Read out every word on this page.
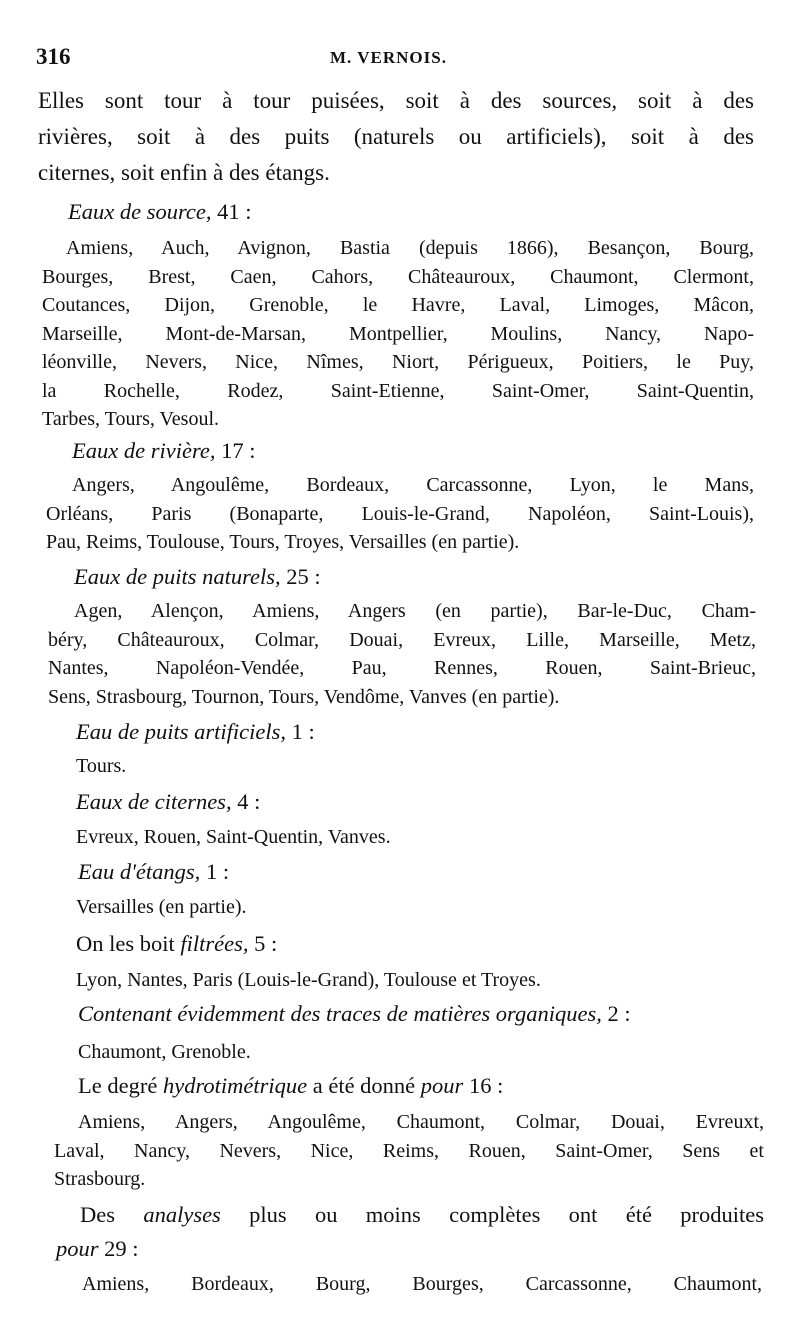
316	M. VERNOIS.
Elles sont tour à tour puisées, soit à des sources, soit à des
rivières, soit à des puits (naturels ou artificiels), soit à des
citernes, soit enfin à des étangs.
Eaux de source, 41 :
Amiens, Auch, Avignon, Bastia (depuis 1866), Besançon, Bourg,
Bourges, Brest, Caen, Cahors, Châteauroux, Chaumont, Clermont,
Coutances, Dijon, Grenoble, le Havre, Laval, Limoges, Mâcon,
Marseille, Mont-de-Marsan, Montpellier, Moulins, Nancy, Napo-
léonville, Nevers, Nice, Nîmes, Niort, Périgueux, Poitiers, le Puy,
la Rochelle, Rodez, Saint-Etienne, Saint-Omer, Saint-Quentin,
Tarbes, Tours, Vesoul.
Eaux de rivière, 17 :
Angers, Angoulême, Bordeaux, Carcassonne, Lyon, le Mans,
Orléans, Paris (Bonaparte, Louis-le-Grand, Napoléon, Saint-Louis),
Pau, Reims, Toulouse, Tours, Troyes, Versailles (en partie).
Eaux de puits naturels, 25 :
Agen, Alençon, Amiens, Angers (en partie), Bar-le-Duc, Cham-
béry, Châteauroux, Colmar, Douai, Evreux, Lille, Marseille, Metz,
Nantes, Napoléon-Vendée, Pau, Rennes, Rouen, Saint-Brieuc,
Sens, Strasbourg, Tournon, Tours, Vendôme, Vanves (en partie).
Eau de puits artificiels, 1 :
Tours.
Eaux de citernes, 4 :
Evreux, Rouen, Saint-Quentin, Vanves.
Eau d'étangs, 1 :
Versailles (en partie).
On les boit filtrées, 5 :
Lyon, Nantes, Paris (Louis-le-Grand), Toulouse et Troyes.
Contenant évidemment des traces de matières organiques, 2 :
Chaumont, Grenoble.
Le degré hydrotimétrique a été donné pour 16 :
Amiens, Angers, Angoulême, Chaumont, Colmar, Douai, Evreuxt,
Laval, Nancy, Nevers, Nice, Reims, Rouen, Saint-Omer, Sens et
Strasbourg.
Des analyses plus ou moins complètes ont été produites
pour 29 :
Amiens, Bordeaux, Bourg, Bourges, Carcassonne, Chaumont,
